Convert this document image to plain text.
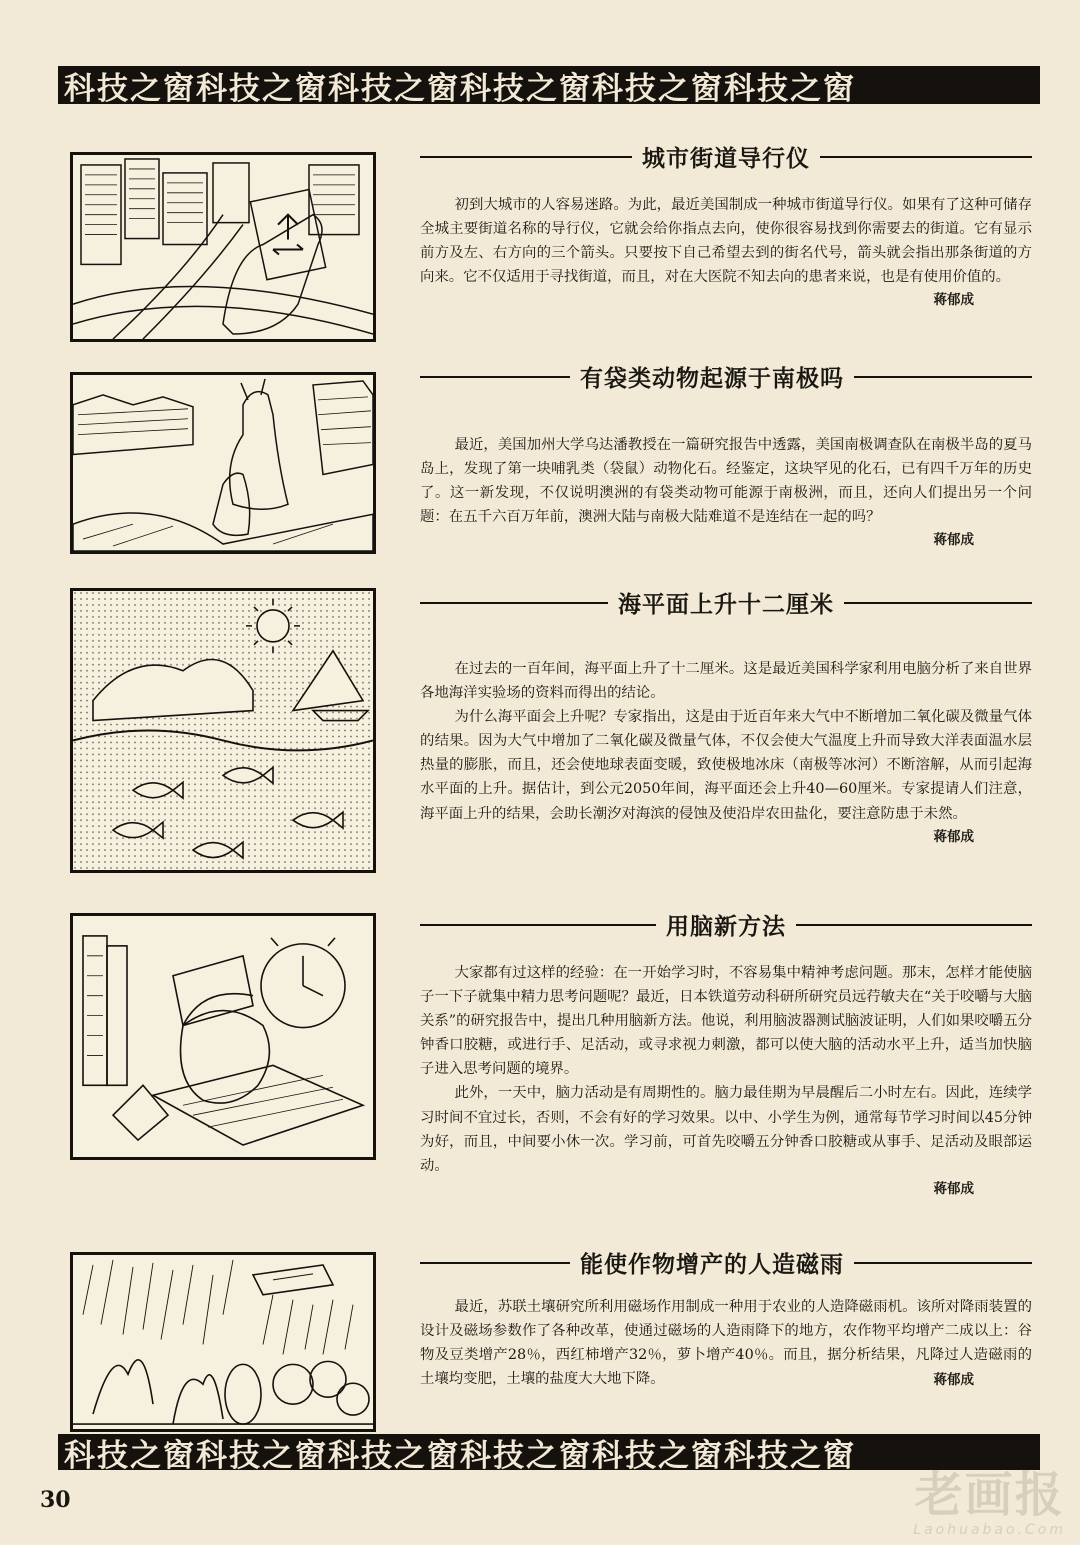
科技之窗科技之窗科技之窗科技之窗科技之窗科技之窗
城市街道导行仪

初到大城市的人容易迷路。为此，最近美国制成一种城市街道导行仪。如果有了这种可储存全城主要街道名称的导行仪，它就会给你指点去向，使你很容易找到你需要去的街道。它有显示前方及左、右方向的三个箭头。只要按下自己希望去到的街名代号，箭头就会指出那条街道的方向来。它不仅适用于寻找街道，而且，对在大医院不知去向的患者来说，也是有使用价值的。

蒋郁成
有袋类动物起源于南极吗

最近，美国加州大学乌达潘教授在一篇研究报告中透露，美国南极调查队在南极半岛的夏马岛上，发现了第一块哺乳类（袋鼠）动物化石。经鉴定，这块罕见的化石，已有四千万年的历史了。这一新发现，不仅说明澳洲的有袋类动物可能源于南极洲，而且，还向人们提出另一个问题：在五千六百万年前，澳洲大陆与南极大陆难道不是连结在一起的吗？

蒋郁成
海平面上升十二厘米

在过去的一百年间，海平面上升了十二厘米。这是最近美国科学家利用电脑分析了来自世界各地海洋实验场的资料而得出的结论。

为什么海平面会上升呢？专家指出，这是由于近百年来大气中不断增加二氧化碳及微量气体的结果。因为大气中增加了二氧化碳及微量气体，不仅会使大气温度上升而导致大洋表面温水层热量的膨胀，而且，还会使地球表面变暖，致使极地冰床（南极等冰河）不断溶解，从而引起海水平面的上升。据估计，到公元2050年间，海平面还会上升40—60厘米。专家提请人们注意，海平面上升的结果，会助长潮汐对海滨的侵蚀及使沿岸农田盐化，要注意防患于未然。

蒋郁成
用脑新方法

大家都有过这样的经验：在一开始学习时，不容易集中精神考虑问题。那末，怎样才能使脑子一下子就集中精力思考问题呢？最近，日本铁道劳动科研所研究员远荇敏夫在“关于咬嚼与大脑关系”的研究报告中，提出几种用脑新方法。他说，利用脑波器测试脑波证明，人们如果咬嚼五分钟香口胶糖，或进行手、足活动，或寻求视力刺激，都可以使大脑的活动水平上升，适当加快脑子进入思考问题的境界。

此外，一天中，脑力活动是有周期性的。脑力最佳期为早晨醒后二小时左右。因此，连续学习时间不宜过长，否则，不会有好的学习效果。以中、小学生为例，通常每节学习时间以45分钟为好，而且，中间要小休一次。学习前，可首先咬嚼五分钟香口胶糖或从事手、足活动及眼部运动。

蒋郁成
能使作物增产的人造磁雨

最近，苏联土壤研究所利用磁场作用制成一种用于农业的人造降磁雨机。该所对降雨装置的设计及磁场参数作了各种改革，使通过磁场的人造雨降下的地方，农作物平均增产二成以上：谷物及豆类增产28％，西红柿增产32％，萝卜增产40％。而且，据分析结果，凡降过人造磁雨的土壤均变肥，土壤的盐度大大地下降。	蒋郁成
科技之窗科技之窗科技之窗科技之窗科技之窗科技之窗
30	老画报
Laohuabao.Com
